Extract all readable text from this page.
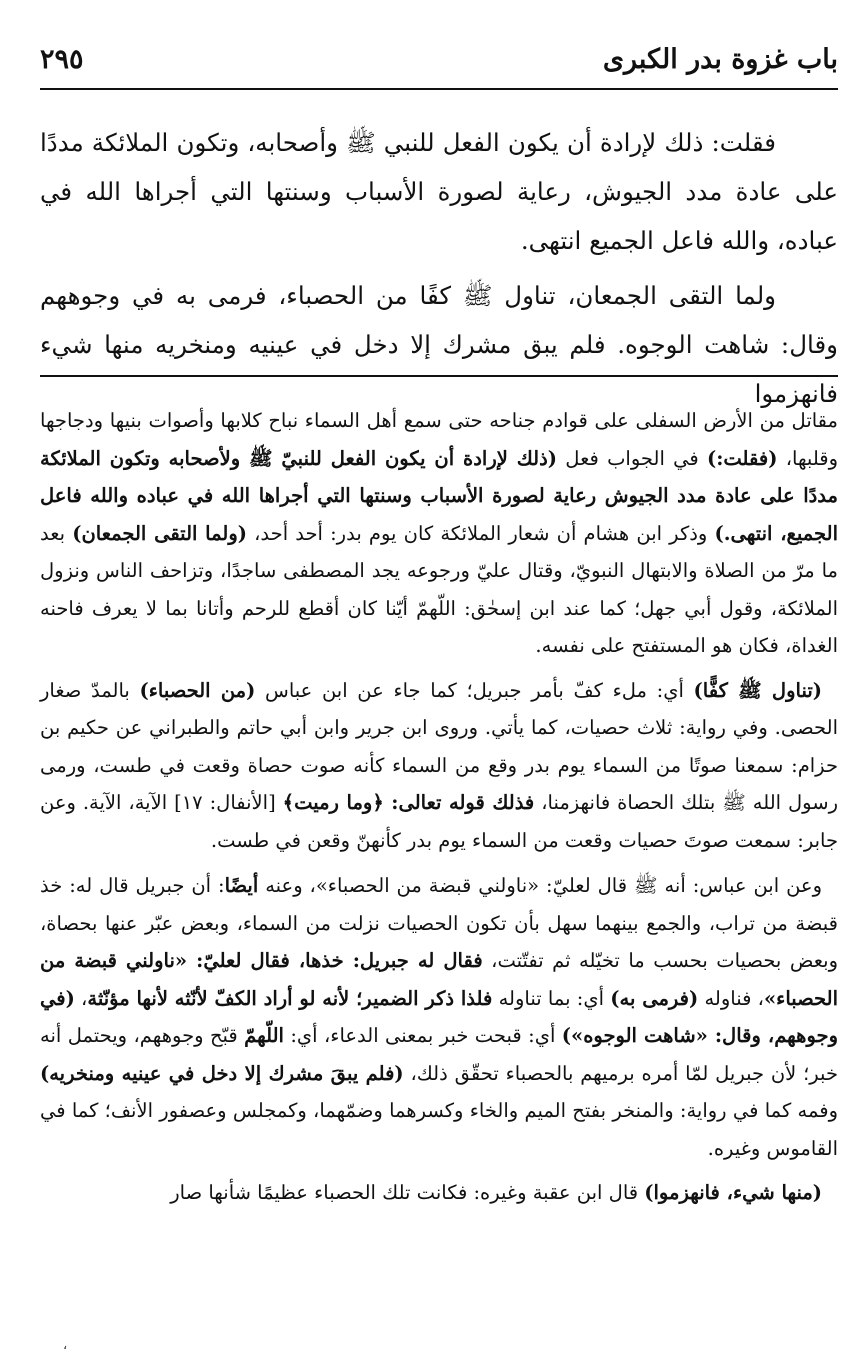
باب غزوة بدر الكبرى
٢٩٥

فقلت: ذلك لإرادة أن يكون الفعل للنبي ﷺ وأصحابه، وتكون الملائكة مددًا على عادة مدد الجيوش، رعاية لصورة الأسباب وسنتها التي أجراها الله في عباده، والله فاعل الجميع انتهى.

ولما التقى الجمعان، تناول ﷺ كفًا من الحصباء، فرمى به في وجوههم وقال: شاهت الوجوه. فلم يبق مشرك إلا دخل في عينيه ومنخريه منها شيء فانهزموا

مقاتل من الأرض السفلى على قوادم جناحه حتى سمع أهل السماء نباح كلابها وأصوات بنيها ودجاجها وقلبها، (فقلت:) في الجواب فعل (ذلك لإرادة أن يكون الفعل للنبيّ ﷺ ولأصحابه وتكون الملائكة مددًا على عادة مدد الجيوش رعاية لصورة الأسباب وسنتها التي أجراها الله في عباده والله فاعل الجميع، انتهى.) وذكر ابن هشام أن شعار الملائكة كان يوم بدر: أحد أحد، (ولما التقى الجمعان) بعد ما مرّ من الصلاة والابتهال النبويّ، وقتال عليّ ورجوعه يجد المصطفى ساجدًا، وتزاحف الناس ونزول الملائكة، وقول أبي جهل؛ كما عند ابن إسحٰق: اللّهمّ أيّنا كان أقطع للرحم وأتانا بما لا يعرف فاحنه الغداة، فكان هو المستفتح على نفسه.

(تناول ﷺ كفًّا) أي: ملء كفّ بأمر جبريل؛ كما جاء عن ابن عباس (من الحصباء) بالمدّ صغار الحصى. وفي رواية: ثلاث حصيات، كما يأتي. وروى ابن جرير وابن أبي حاتم والطبراني عن حكيم بن حزام: سمعنا صوتًا من السماء يوم بدر وقع من السماء كأنه صوت حصاة وقعت في طست، ورمى رسول الله ﷺ بتلك الحصاة فانهزمنا، فذلك قوله تعالى: ﴿وما رميت﴾ [الأنفال: ١٧] الآية، الآية. وعن جابر: سمعت صوتَ حصيات وقعت من السماء يوم بدر كأنهنّ وقعن في طست.

وعن ابن عباس: أنه ﷺ قال لعليّ: «ناولني قبضة من الحصباء»، وعنه أيضًا: أن جبريل قال له: خذ قبضة من تراب، والجمع بينهما سهل بأن تكون الحصيات نزلت من السماء، وبعض عبّر عنها بحصاة، وبعض بحصيات بحسب ما تخيّله ثم تفتّتت، فقال له جبريل: خذها، فقال لعليّ: «ناولني قبضة من الحصباء»، فناوله (فرمى به) أي: بما تناوله فلذا ذكر الضمير؛ لأنه لو أراد الكفّ لأنّثه لأنها مؤنّثة، (في وجوههم، وقال: «شاهت الوجوه») أي: قبحت خبر بمعنى الدعاء، أي: اللّهمّ قبّح وجوههم، ويحتمل أنه خبر؛ لأن جبريل لمّا أمره برميهم بالحصباء تحقّق ذلك، (فلم يبقَ مشرك إلا دخل في عينيه ومنخريه) وفمه كما في رواية: والمنخر بفتح الميم والخاء وكسرهما وضمّهما، وكمجلس وعصفور الأنف؛ كما في القاموس وغيره.

(منها شيء، فانهزموا) قال ابن عقبة وغيره: فكانت تلك الحصباء عظيمًا شأنها صار

،
